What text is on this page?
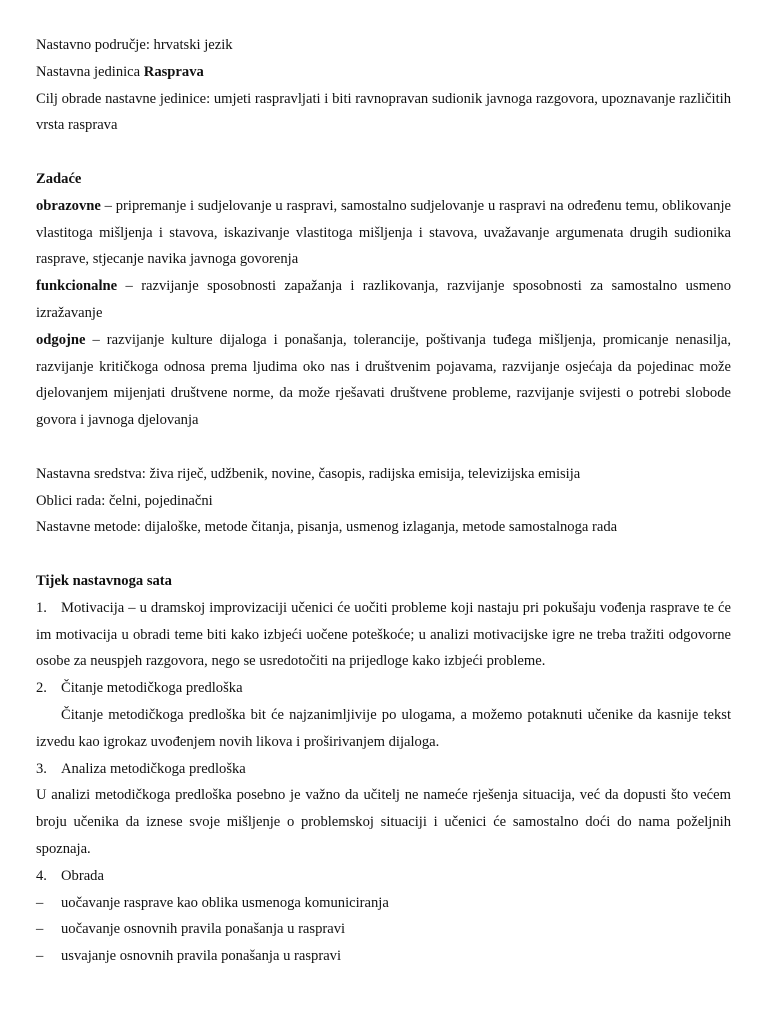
Nastavno područje: hrvatski jezik

Nastavna jedinica Rasprava

Cilj obrade nastavne jedinice: umjeti raspravljati i biti ravnopravan sudionik javnoga razgovora, upoznavanje različitih vrsta rasprava

Zadaće

obrazovne – pripremanje i sudjelovanje u raspravi, samostalno sudjelovanje u raspravi na određenu temu, oblikovanje vlastitoga mišljenja i stavova, iskazivanje vlastitoga mišljenja i stavova, uvažavanje argumenata drugih sudionika rasprave, stjecanje navika javnoga govorenja

funkcionalne – razvijanje sposobnosti zapažanja i razlikovanja, razvijanje sposobnosti za samostalno usmeno izražavanje

odgojne – razvijanje kulture dijaloga i ponašanja, tolerancije, poštivanja tuđega mišljenja, promicanje nenasilja, razvijanje kritičkoga odnosa prema ljudima oko nas i društvenim pojavama, razvijanje osjećaja da pojedinac može djelovanjem mijenjati društvene norme, da može rješavati društvene probleme, razvijanje svijesti o potrebi slobode govora i javnoga djelovanja

Nastavna sredstva: živa riječ, udžbenik, novine, časopis, radijska emisija, televizijska emisija

Oblici rada: čelni, pojedinačni

Nastavne metode: dijaloške, metode čitanja, pisanja, usmenog izlaganja, metode samostalnoga rada

Tijek nastavnoga sata

1. Motivacija – u dramskoj improvizaciji učenici će uočiti probleme koji nastaju pri pokušaju vođenja rasprave te će im motivacija u obradi teme biti kako izbjeći uočene poteškoće; u analizi motivacijske igre ne treba tražiti odgovorne osobe za neuspjeh razgovora, nego se usredotočiti na prijedloge kako izbjeći probleme.

2. Čitanje metodičkoga predloška

Čitanje metodičkoga predloška bit će najzanimljivije po ulogama, a možemo potaknuti učenike da kasnije tekst izvedu kao igrokaz uvođenjem novih likova i proširivanjem dijaloga.

3. Analiza metodičkoga predloška

U analizi metodičkoga predloška posebno je važno da učitelj ne nameće rješenja situacija, već da dopusti što većem broju učenika da iznese svoje mišljenje o problemskoj situaciji i učenici će samostalno doći do nama poželjnih spoznaja.

4. Obrada

– uočavanje rasprave kao oblika usmenoga komuniciranja

– uočavanje osnovnih pravila ponašanja u raspravi

– usvajanje osnovnih pravila ponašanja u raspravi
